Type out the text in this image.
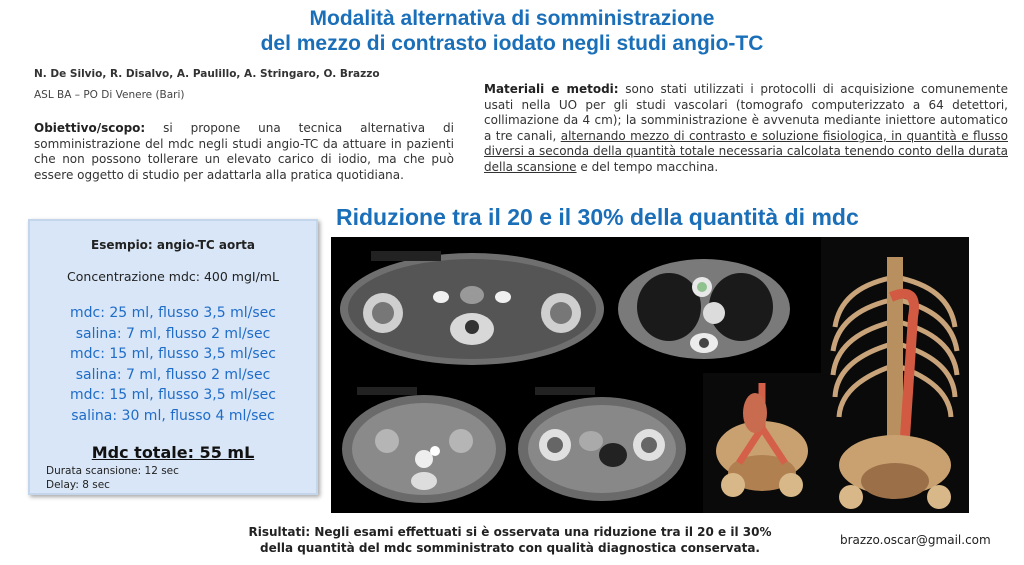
Modalità alternativa di somministrazione
del mezzo di contrasto iodato negli studi angio-TC
N. De Silvio, R. Disalvo, A. Paulillo, A. Stringaro, O. Brazzo
ASL BA – PO Di Venere (Bari)
Obiettivo/scopo: si propone una tecnica alternativa di somministrazione del mdc negli studi angio-TC da attuare in pazienti che non possono tollerare un elevato carico di iodio, ma che può essere oggetto di studio per adattarla alla pratica quotidiana.
Materiali e metodi: sono stati utilizzati i protocolli di acquisizione comunemente usati nella UO per gli studi vascolari (tomografo computerizzato a 64 detettori, collimazione da 4 cm); la somministrazione è avvenuta mediante iniettore automatico a tre canali, alternando mezzo di contrasto e soluzione fisiologica, in quantità e flusso diversi a seconda della quantità totale necessaria calcolata tenendo conto della durata della scansione e del tempo macchina.
Riduzione tra il 20 e il 30% della quantità di mdc
Esempio: angio-TC aorta
Concentrazione mdc: 400 mgI/mL
mdc: 25 ml, flusso 3,5 ml/sec
salina: 7 ml, flusso 2 ml/sec
mdc: 15 ml, flusso 3,5 ml/sec
salina: 7 ml, flusso 2 ml/sec
mdc: 15 ml, flusso 3,5 ml/sec
salina: 30 ml, flusso 4 ml/sec
Mdc totale: 55 mL
Durata scansione: 12 sec
Delay: 8 sec
Risultati: Negli esami effettuati si è osservata una riduzione tra il 20 e il 30%
della quantità del mdc somministrato con qualità diagnostica conservata.
brazzo.oscar@gmail.com
